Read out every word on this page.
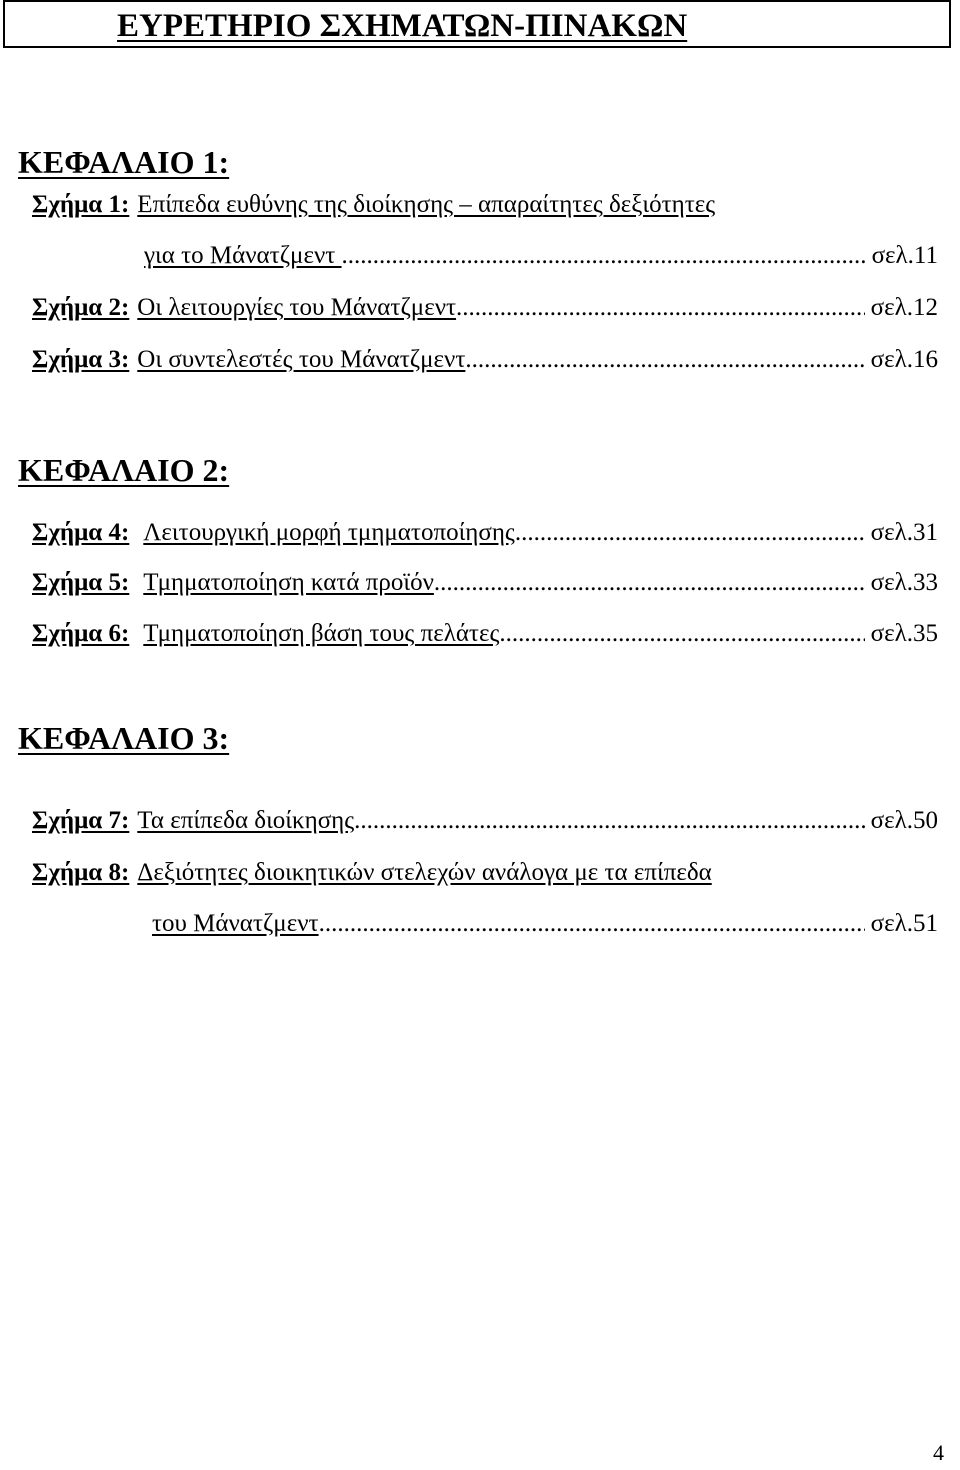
ΕΥΡΕΤΗΡΙΟ ΣΧΗΜΑΤΩΝ-ΠΙΝΑΚΩΝ
ΚΕΦΑΛΑΙΟ 1:
Σχήμα 1: Επίπεδα ευθύνης της διοίκησης – απαραίτητες δεξιότητες
για το Μάνατζμεντ .....	σελ.11
Σχήμα 2: Οι λειτουργίες του Μάνατζμεντ .....	σελ.12
Σχήμα 3: Οι συντελεστές του Μάνατζμεντ .....	σελ.16
ΚΕΦΑΛΑΙΟ 2:
Σχήμα 4: Λειτουργική μορφή τμηματοποίησης .....	σελ.31
Σχήμα 5: Τμηματοποίηση κατά προϊόν .....	σελ.33
Σχήμα 6: Τμηματοποίηση βάση τους πελάτες .....	σελ.35
ΚΕΦΑΛΑΙΟ 3:
Σχήμα 7: Τα επίπεδα διοίκησης .....	σελ.50
Σχήμα 8: Δεξιότητες διοικητικών στελεχών ανάλογα με τα επίπεδα
του Μάνατζμεντ .....	σελ.51
4
